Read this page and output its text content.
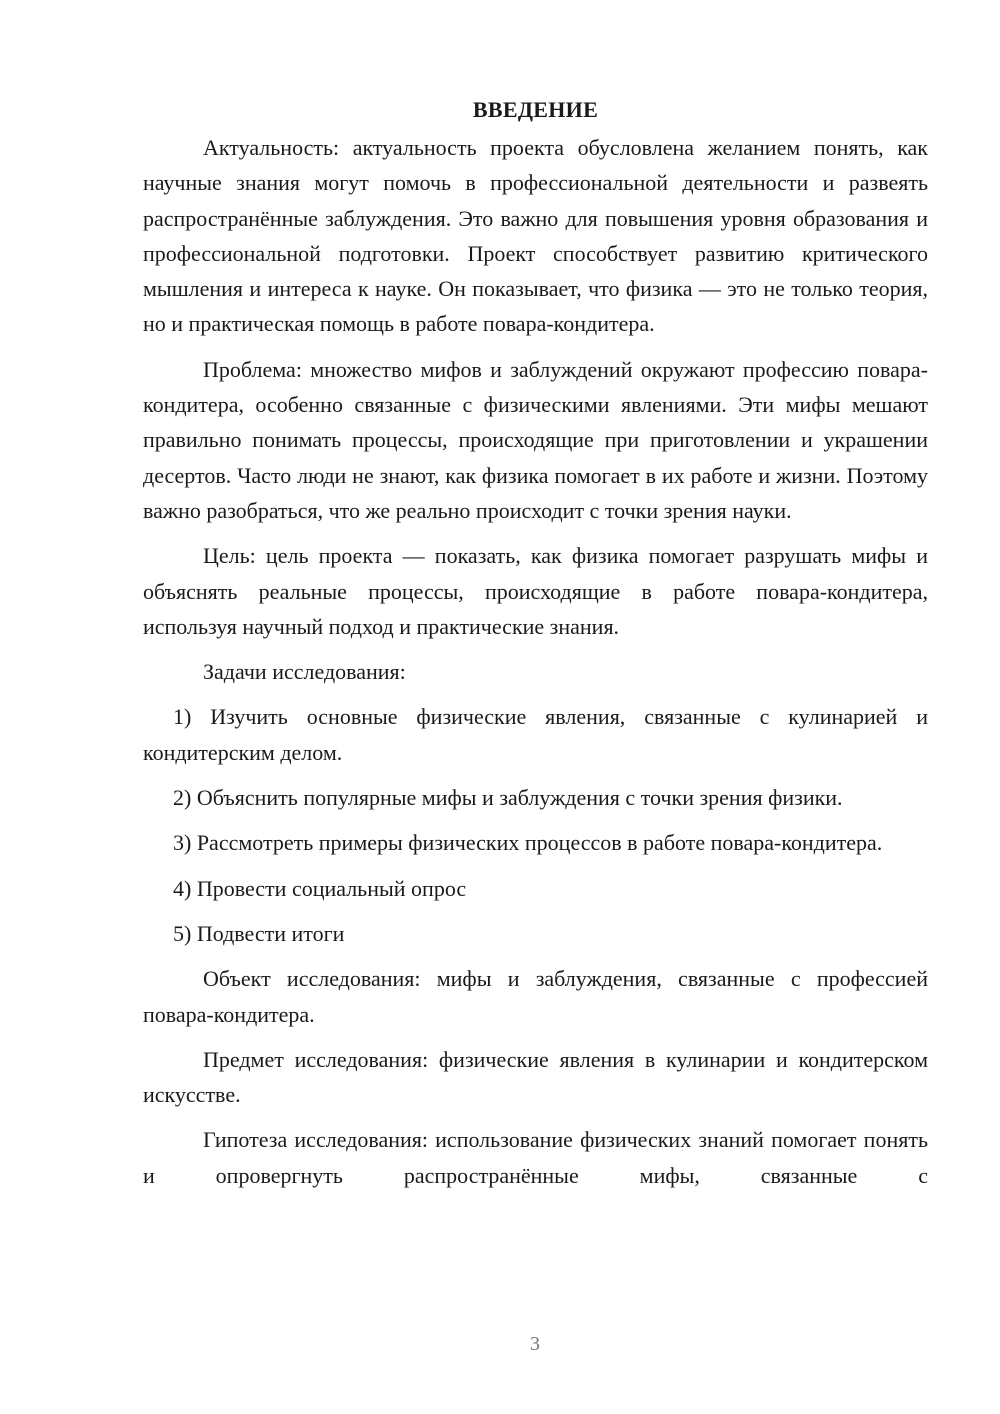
ВВЕДЕНИЕ

Актуальность: актуальность проекта обусловлена желанием понять, как научные знания могут помочь в профессиональной деятельности и развеять распространённые заблуждения. Это важно для повышения уровня образования и профессиональной подготовки. Проект способствует развитию критического мышления и интереса к науке. Он показывает, что физика — это не только теория, но и практическая помощь в работе повара-кондитера.

Проблема: множество мифов и заблуждений окружают профессию повара-кондитера, особенно связанные с физическими явлениями. Эти мифы мешают правильно понимать процессы, происходящие при приготовлении и украшении десертов. Часто люди не знают, как физика помогает в их работе и жизни. Поэтому важно разобраться, что же реально происходит с точки зрения науки.

Цель: цель проекта — показать, как физика помогает разрушать мифы и объяснять реальные процессы, происходящие в работе повара-кондитера, используя научный подход и практические знания.

Задачи исследования:

1) Изучить основные физические явления, связанные с кулинарией и кондитерским делом.

2) Объяснить популярные мифы и заблуждения с точки зрения физики.

3) Рассмотреть примеры физических процессов в работе повара-кондитера.

4) Провести социальный опрос

5) Подвести итоги

Объект исследования: мифы и заблуждения, связанные с профессией повара-кондитера.

Предмет исследования: физические явления в кулинарии и кондитерском искусстве.

Гипотеза исследования: использование физических знаний помогает понять и опровергнуть распространённые мифы, связанные с

3
